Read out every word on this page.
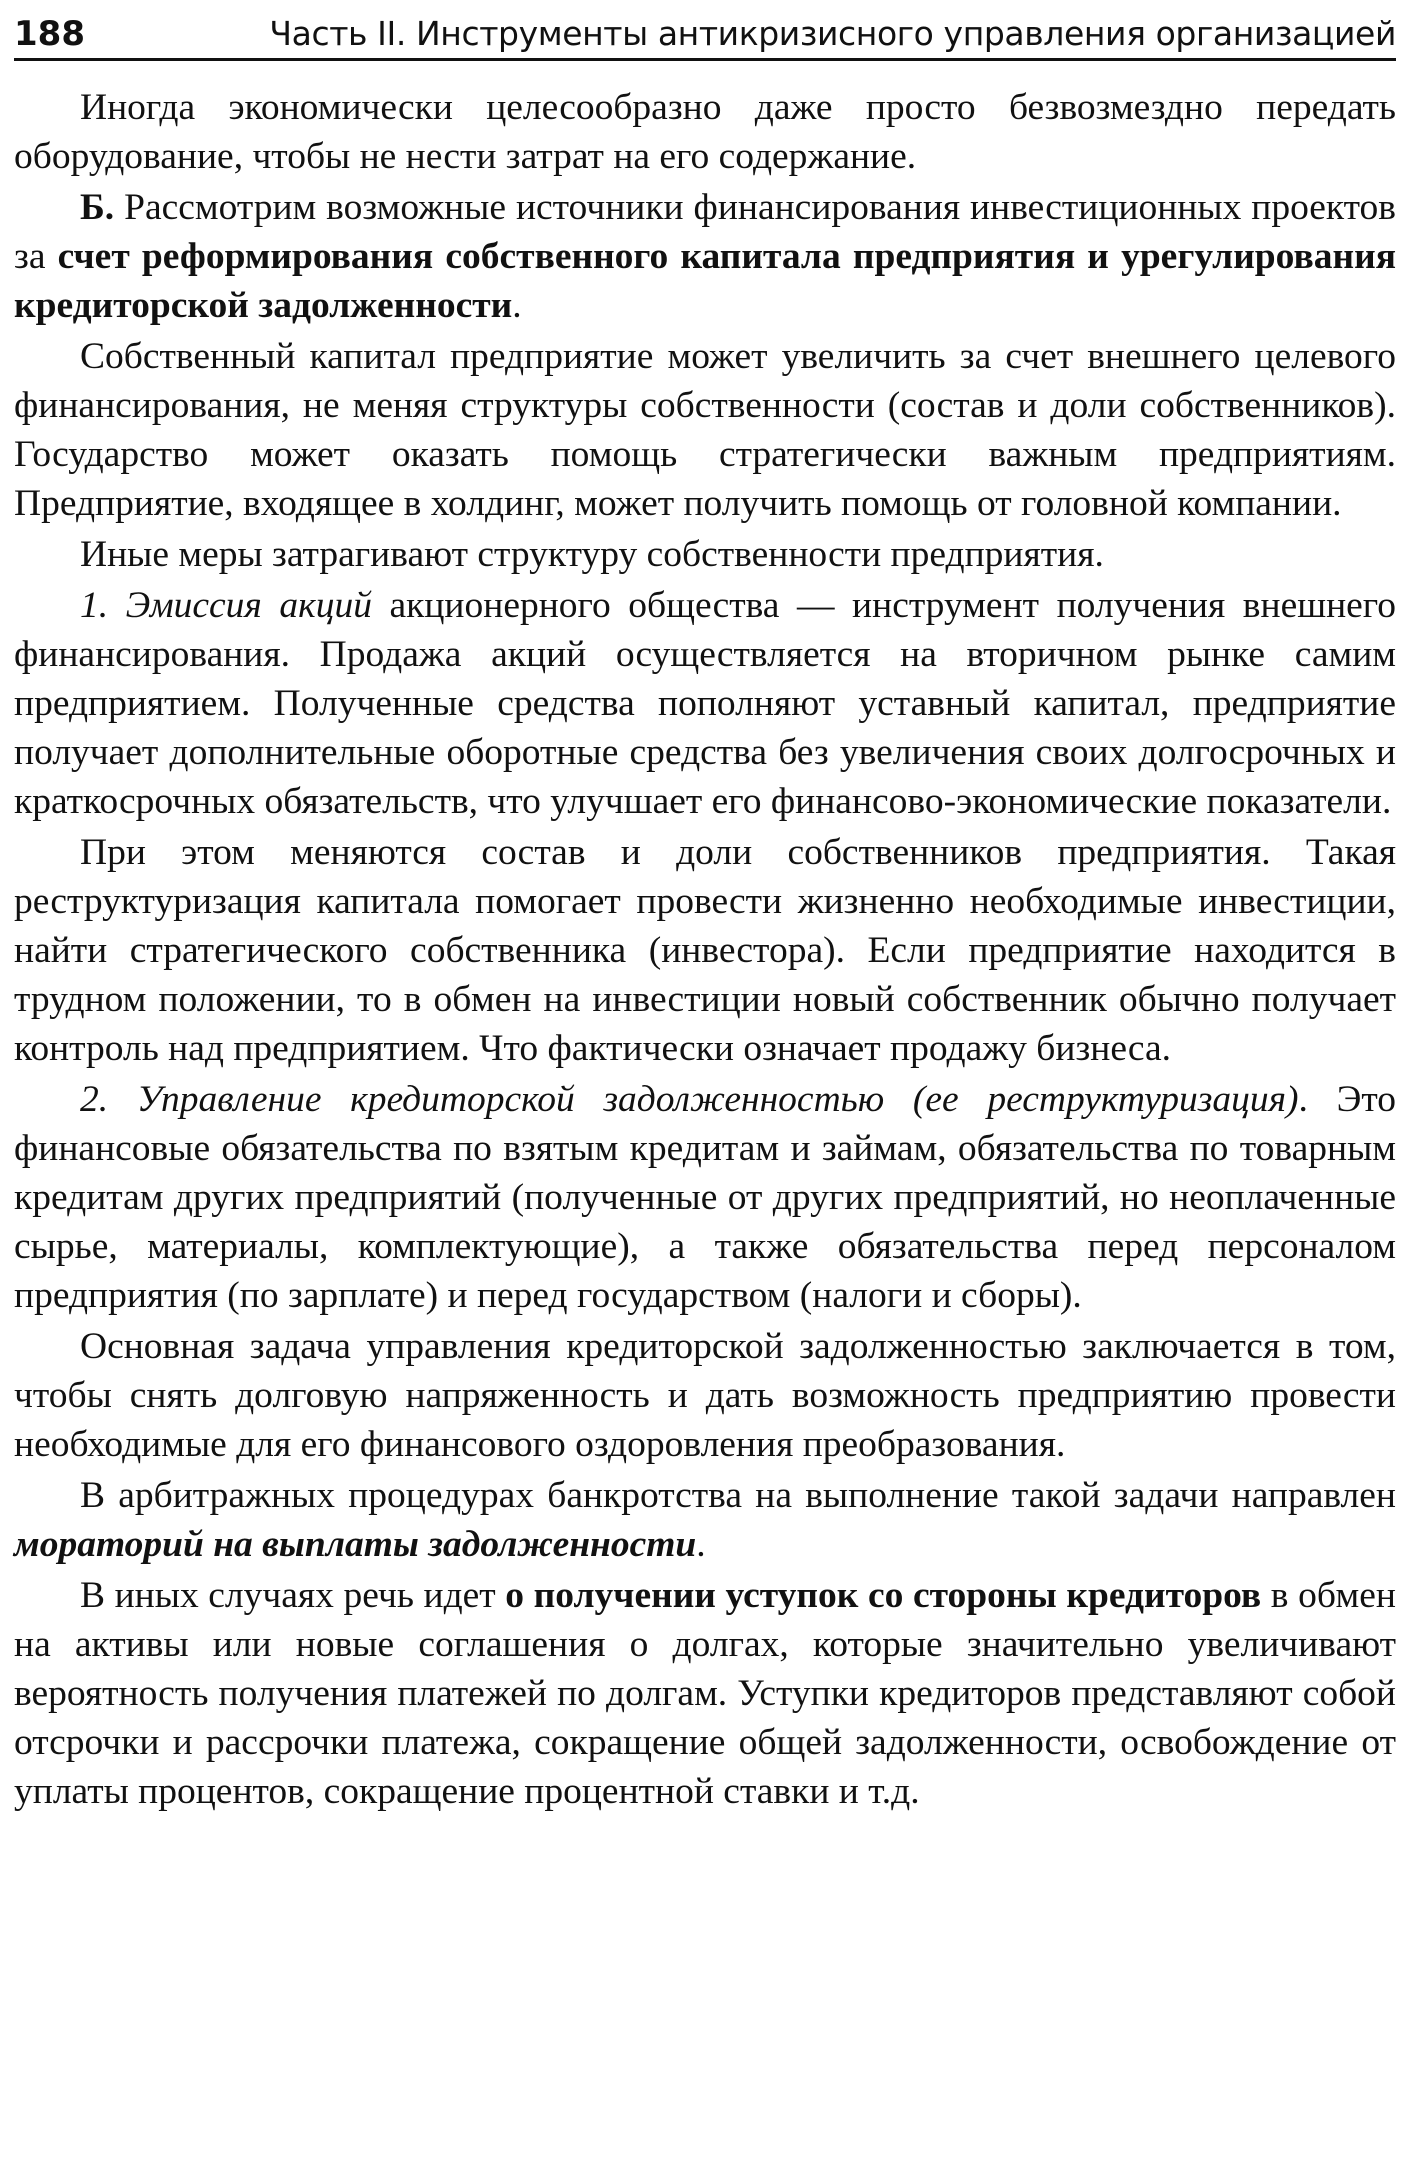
188	Часть II. Инструменты антикризисного управления организацией

Иногда экономически целесообразно даже просто безвозмездно передать оборудование, чтобы не нести затрат на его содержание.

Б. Рассмотрим возможные источники финансирования инвестиционных проектов за счет реформирования собственного капитала предприятия и урегулирования кредиторской задолженности.

Собственный капитал предприятие может увеличить за счет внешнего целевого финансирования, не меняя структуры собственности (состав и доли собственников). Государство может оказать помощь стратегически важным предприятиям. Предприятие, входящее в холдинг, может получить помощь от головной компании.

Иные меры затрагивают структуру собственности предприятия.

1. Эмиссия акций акционерного общества — инструмент получения внешнего финансирования. Продажа акций осуществляется на вторичном рынке самим предприятием. Полученные средства пополняют уставный капитал, предприятие получает дополнительные оборотные средства без увеличения своих долгосрочных и краткосрочных обязательств, что улучшает его финансово-экономические показатели.

При этом меняются состав и доли собственников предприятия. Такая реструктуризация капитала помогает провести жизненно необходимые инвестиции, найти стратегического собственника (инвестора). Если предприятие находится в трудном положении, то в обмен на инвестиции новый собственник обычно получает контроль над предприятием. Что фактически означает продажу бизнеса.

2. Управление кредиторской задолженностью (ее реструктуризация). Это финансовые обязательства по взятым кредитам и займам, обязательства по товарным кредитам других предприятий (полученные от других предприятий, но неоплаченные сырье, материалы, комплектующие), а также обязательства перед персоналом предприятия (по зарплате) и перед государством (налоги и сборы).

Основная задача управления кредиторской задолженностью заключается в том, чтобы снять долговую напряженность и дать возможность предприятию провести необходимые для его финансового оздоровления преобразования.

В арбитражных процедурах банкротства на выполнение такой задачи направлен мораторий на выплаты задолженности.

В иных случаях речь идет о получении уступок со стороны кредиторов в обмен на активы или новые соглашения о долгах, которые значительно увеличивают вероятность получения платежей по долгам. Уступки кредиторов представляют собой отсрочки и рассрочки платежа, сокращение общей задолженности, освобождение от уплаты процентов, сокращение процентной ставки и т.д.
